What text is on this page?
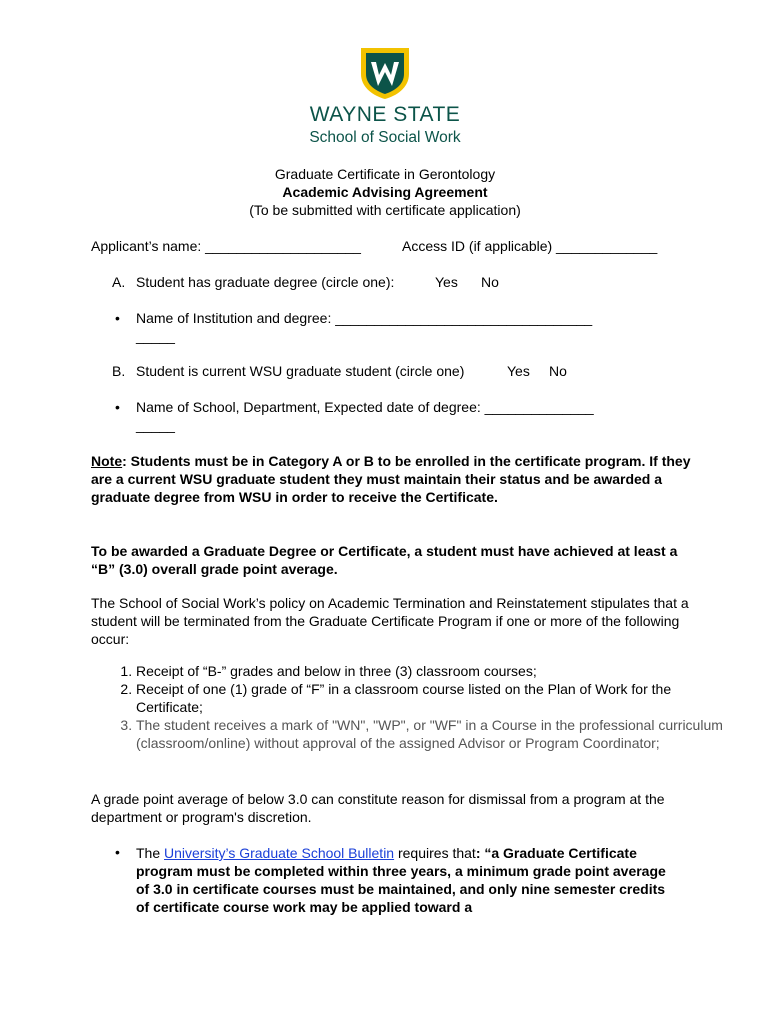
WAYNE STATE
School of Social Work
Graduate Certificate in Gerontology
Academic Advising Agreement
(To be submitted with certificate application)
Applicant’s name: ____________________	Access ID (if applicable) _____________
A. Student has graduate degree (circle one):	Yes No
• Name of Institution and degree: _________________________________
_____
B. Student is current WSU graduate student (circle one)	Yes No
• Name of School, Department, Expected date of degree: ______________
_____
Note: Students must be in Category A or B to be enrolled in the certificate program. If they are a current WSU graduate student they must maintain their status and be awarded a graduate degree from WSU in order to receive the Certificate.
To be awarded a Graduate Degree or Certificate, a student must have achieved at least a “B” (3.0) overall grade point average.
The School of Social Work’s policy on Academic Termination and Reinstatement stipulates that a student will be terminated from the Graduate Certificate Program if one or more of the following occur:
1. Receipt of “B-” grades and below in three (3) classroom courses;
2. Receipt of one (1) grade of “F” in a classroom course listed on the Plan of Work for the Certificate;
3. The student receives a mark of "WN", "WP", or "WF" in a Course in the professional curriculum (classroom/online) without approval of the assigned Advisor or Program Coordinator;
A grade point average of below 3.0 can constitute reason for dismissal from a program at the department or program's discretion.
• The University’s Graduate School Bulletin requires that: “a Graduate Certificate program must be completed within three years, a minimum grade point average of 3.0 in certificate courses must be maintained, and only nine semester credits of certificate course work may be applied toward a
